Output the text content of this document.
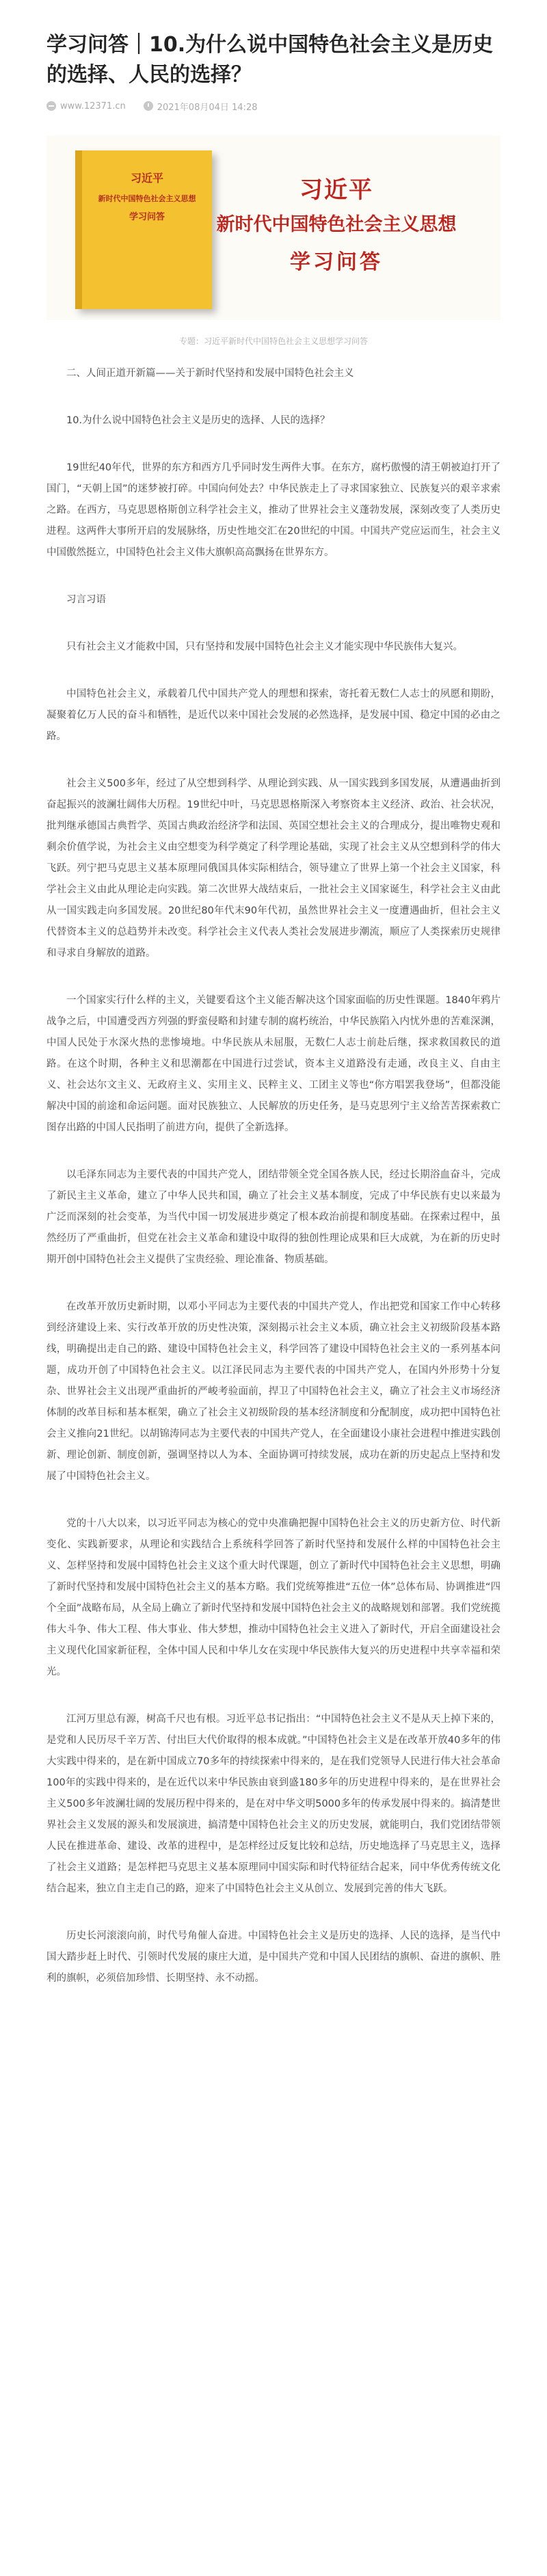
学习问答｜10.为什么说中国特色社会主义是历史的选择、人民的选择？
www.12371.cn	2021年08月04日 14:28
习近平
新时代中国特色社会主义思想
学习问答
习近平
新时代中国特色社会主义思想
学习问答
专题：习近平新时代中国特色社会主义思想学习问答

二、人间正道开新篇——关于新时代坚持和发展中国特色社会主义

10.为什么说中国特色社会主义是历史的选择、人民的选择？

19世纪40年代，世界的东方和西方几乎同时发生两件大事。在东方，腐朽傲慢的清王朝被迫打开了国门，“天朝上国”的迷梦被打碎。中国向何处去？中华民族走上了寻求国家独立、民族复兴的艰辛求索之路。在西方，马克思恩格斯创立科学社会主义，推动了世界社会主义蓬勃发展，深刻改变了人类历史进程。这两件大事所开启的发展脉络，历史性地交汇在20世纪的中国。中国共产党应运而生，社会主义中国傲然挺立，中国特色社会主义伟大旗帜高高飘扬在世界东方。

习言习语

只有社会主义才能救中国，只有坚持和发展中国特色社会主义才能实现中华民族伟大复兴。

中国特色社会主义，承载着几代中国共产党人的理想和探索，寄托着无数仁人志士的夙愿和期盼，凝聚着亿万人民的奋斗和牺牲，是近代以来中国社会发展的必然选择，是发展中国、稳定中国的必由之路。

社会主义500多年，经过了从空想到科学、从理论到实践、从一国实践到多国发展，从遭遇曲折到奋起振兴的波澜壮阔伟大历程。19世纪中叶，马克思恩格斯深入考察资本主义经济、政治、社会状况，批判继承德国古典哲学、英国古典政治经济学和法国、英国空想社会主义的合理成分，提出唯物史观和剩余价值学说，为社会主义由空想变为科学奠定了科学理论基础，实现了社会主义从空想到科学的伟大飞跃。列宁把马克思主义基本原理同俄国具体实际相结合，领导建立了世界上第一个社会主义国家，科学社会主义由此从理论走向实践。第二次世界大战结束后，一批社会主义国家诞生，科学社会主义由此从一国实践走向多国发展。20世纪80年代末90年代初，虽然世界社会主义一度遭遇曲折，但社会主义代替资本主义的总趋势并未改变。科学社会主义代表人类社会发展进步潮流，顺应了人类探索历史规律和寻求自身解放的道路。

一个国家实行什么样的主义，关键要看这个主义能否解决这个国家面临的历史性课题。1840年鸦片战争之后，中国遭受西方列强的野蛮侵略和封建专制的腐朽统治，中华民族陷入内忧外患的苦难深渊，中国人民处于水深火热的悲惨境地。中华民族从未屈服，无数仁人志士前赴后继，探求救国救民的道路。在这个时期，各种主义和思潮都在中国进行过尝试，资本主义道路没有走通，改良主义、自由主义、社会达尔文主义、无政府主义、实用主义、民粹主义、工团主义等也“你方唱罢我登场”，但都没能解决中国的前途和命运问题。面对民族独立、人民解放的历史任务，是马克思列宁主义给苦苦探索救亡图存出路的中国人民指明了前进方向，提供了全新选择。

以毛泽东同志为主要代表的中国共产党人，团结带领全党全国各族人民，经过长期浴血奋斗，完成了新民主主义革命，建立了中华人民共和国，确立了社会主义基本制度，完成了中华民族有史以来最为广泛而深刻的社会变革，为当代中国一切发展进步奠定了根本政治前提和制度基础。在探索过程中，虽然经历了严重曲折，但党在社会主义革命和建设中取得的独创性理论成果和巨大成就，为在新的历史时期开创中国特色社会主义提供了宝贵经验、理论准备、物质基础。

在改革开放历史新时期，以邓小平同志为主要代表的中国共产党人，作出把党和国家工作中心转移到经济建设上来、实行改革开放的历史性决策，深刻揭示社会主义本质，确立社会主义初级阶段基本路线，明确提出走自己的路、建设中国特色社会主义，科学回答了建设中国特色社会主义的一系列基本问题，成功开创了中国特色社会主义。以江泽民同志为主要代表的中国共产党人，在国内外形势十分复杂、世界社会主义出现严重曲折的严峻考验面前，捍卫了中国特色社会主义，确立了社会主义市场经济体制的改革目标和基本框架，确立了社会主义初级阶段的基本经济制度和分配制度，成功把中国特色社会主义推向21世纪。以胡锦涛同志为主要代表的中国共产党人，在全面建设小康社会进程中推进实践创新、理论创新、制度创新，强调坚持以人为本、全面协调可持续发展，成功在新的历史起点上坚持和发展了中国特色社会主义。

党的十八大以来，以习近平同志为核心的党中央准确把握中国特色社会主义的历史新方位、时代新变化、实践新要求，从理论和实践结合上系统科学回答了新时代坚持和发展什么样的中国特色社会主义、怎样坚持和发展中国特色社会主义这个重大时代课题，创立了新时代中国特色社会主义思想，明确了新时代坚持和发展中国特色社会主义的基本方略。我们党统筹推进“五位一体”总体布局、协调推进“四个全面”战略布局，从全局上确立了新时代坚持和发展中国特色社会主义的战略规划和部署。我们党统揽伟大斗争、伟大工程、伟大事业、伟大梦想，推动中国特色社会主义进入了新时代，开启全面建设社会主义现代化国家新征程，全体中国人民和中华儿女在实现中华民族伟大复兴的历史进程中共享幸福和荣光。

江河万里总有源，树高千尺也有根。习近平总书记指出：“中国特色社会主义不是从天上掉下来的，是党和人民历尽千辛万苦、付出巨大代价取得的根本成就。”中国特色社会主义是在改革开放40多年的伟大实践中得来的，是在新中国成立70多年的持续探索中得来的，是在我们党领导人民进行伟大社会革命100年的实践中得来的，是在近代以来中华民族由衰到盛180多年的历史进程中得来的，是在世界社会主义500多年波澜壮阔的发展历程中得来的，是在对中华文明5000多年的传承发展中得来的。搞清楚世界社会主义发展的源头和发展演进，搞清楚中国特色社会主义的历史发展，就能明白，我们党团结带领人民在推进革命、建设、改革的进程中，是怎样经过反复比较和总结，历史地选择了马克思主义，选择了社会主义道路；是怎样把马克思主义基本原理同中国实际和时代特征结合起来，同中华优秀传统文化结合起来，独立自主走自己的路，迎来了中国特色社会主义从创立、发展到完善的伟大飞跃。

历史长河滚滚向前，时代号角催人奋进。中国特色社会主义是历史的选择、人民的选择，是当代中国大踏步赶上时代、引领时代发展的康庄大道，是中国共产党和中国人民团结的旗帜、奋进的旗帜、胜利的旗帜，必须倍加珍惜、长期坚持、永不动摇。
